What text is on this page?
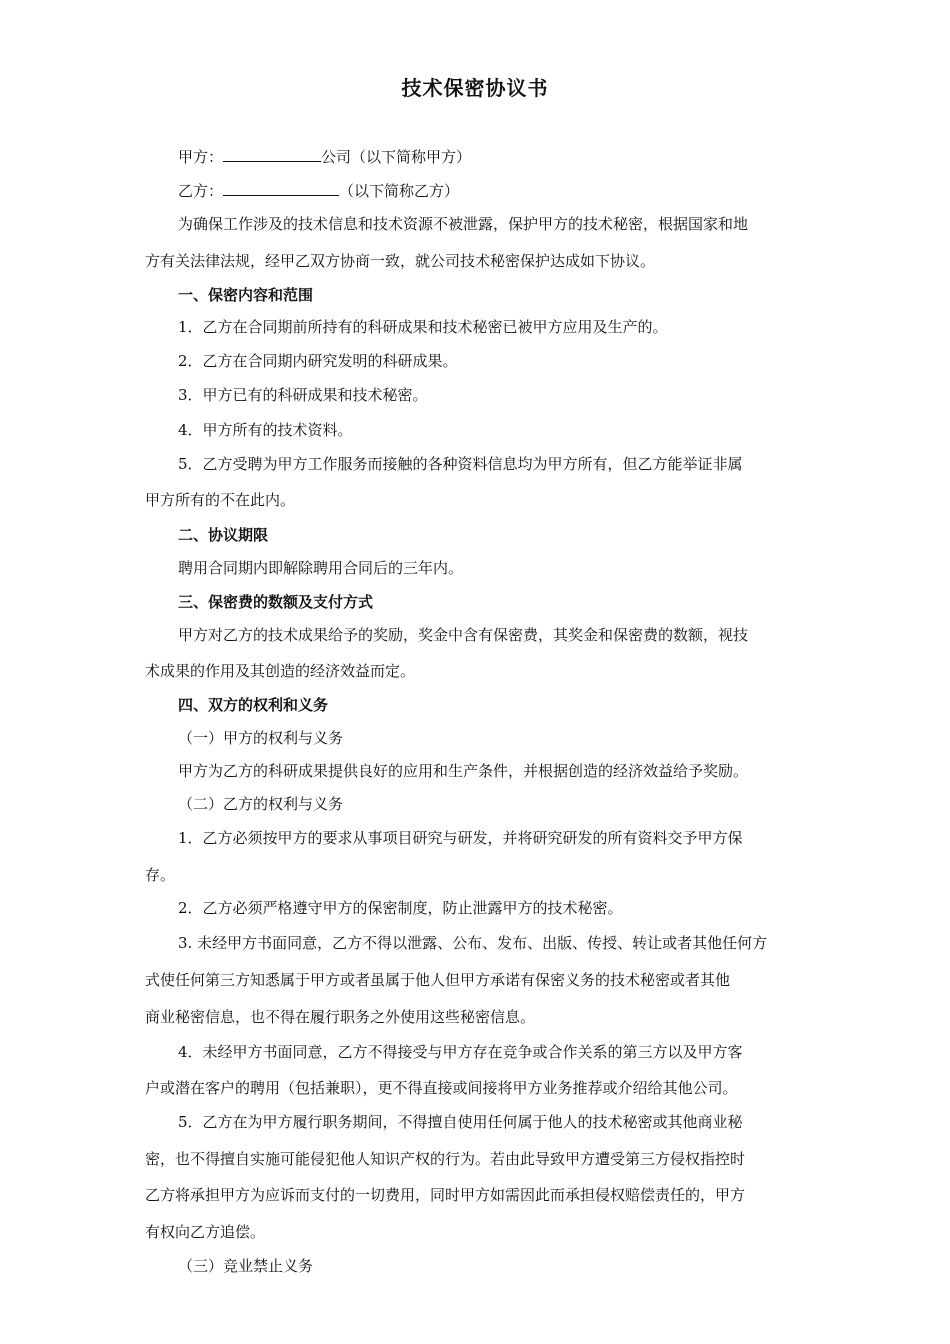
技术保密协议书
甲方：	公司（以下简称甲方）
乙方：	（以下简称乙方）
为确保工作涉及的技术信息和技术资源不被泄露，保护甲方的技术秘密，根据国家和地
方有关法律法规，经甲乙双方协商一致，就公司技术秘密保护达成如下协议。
一、保密内容和范围
1．乙方在合同期前所持有的科研成果和技术秘密已被甲方应用及生产的。
2．乙方在合同期内研究发明的科研成果。
3．甲方已有的科研成果和技术秘密。
4．甲方所有的技术资料。
5．乙方受聘为甲方工作服务而接触的各种资料信息均为甲方所有，但乙方能举证非属
甲方所有的不在此内。
二、协议期限
聘用合同期内即解除聘用合同后的三年内。
三、保密费的数额及支付方式
甲方对乙方的技术成果给予的奖励，奖金中含有保密费，其奖金和保密费的数额，视技
术成果的作用及其创造的经济效益而定。
四、双方的权利和义务
（一）甲方的权利与义务
甲方为乙方的科研成果提供良好的应用和生产条件，并根据创造的经济效益给予奖励。
（二）乙方的权利与义务
1．乙方必须按甲方的要求从事项目研究与研发，并将研究研发的所有资料交予甲方保
存。
2．乙方必须严格遵守甲方的保密制度，防止泄露甲方的技术秘密。
3. 未经甲方书面同意，乙方不得以泄露、公布、发布、出版、传授、转让或者其他任何方
式使任何第三方知悉属于甲方或者虽属于他人但甲方承诺有保密义务的技术秘密或者其他
商业秘密信息，也不得在履行职务之外使用这些秘密信息。
4．未经甲方书面同意，乙方不得接受与甲方存在竞争或合作关系的第三方以及甲方客
户或潜在客户的聘用（包括兼职），更不得直接或间接将甲方业务推荐或介绍给其他公司。
5．乙方在为甲方履行职务期间，不得擅自使用任何属于他人的技术秘密或其他商业秘
密，也不得擅自实施可能侵犯他人知识产权的行为。若由此导致甲方遭受第三方侵权指控时
乙方将承担甲方为应诉而支付的一切费用，同时甲方如需因此而承担侵权赔偿责任的，甲方
有权向乙方追偿。
（三）竞业禁止义务
